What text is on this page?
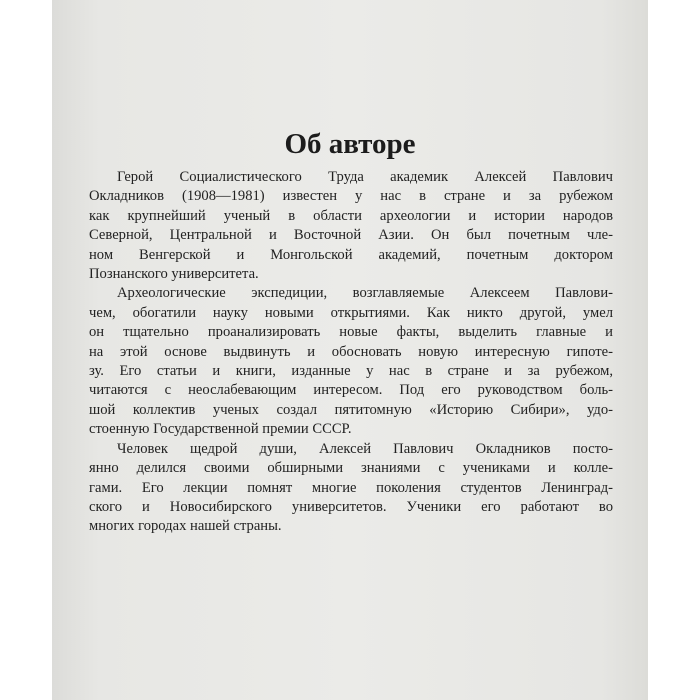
Об авторе

Герой Социалистического Труда академик Алексей Павлович
Окладников (1908—1981) известен у нас в стране и за рубежом
как крупнейший ученый в области археологии и истории народов
Северной, Центральной и Восточной Азии. Он был почетным чле-
ном Венгерской и Монгольской академий, почетным доктором
Познанского университета.

Археологические экспедиции, возглавляемые Алексеем Павлови-
чем, обогатили науку новыми открытиями. Как никто другой, умел
он тщательно проанализировать новые факты, выделить главные и
на этой основе выдвинуть и обосновать новую интересную гипоте-
зу. Его статьи и книги, изданные у нас в стране и за рубежом,
читаются с неослабевающим интересом. Под его руководством боль-
шой коллектив ученых создал пятитомную «Историю Сибири», удо-
стоенную Государственной премии СССР.

Человек щедрой души, Алексей Павлович Окладников посто-
янно делился своими обширными знаниями с учениками и колле-
гами. Его лекции помнят многие поколения студентов Ленинград-
ского и Новосибирского университетов. Ученики его работают во
многих городах нашей страны.
